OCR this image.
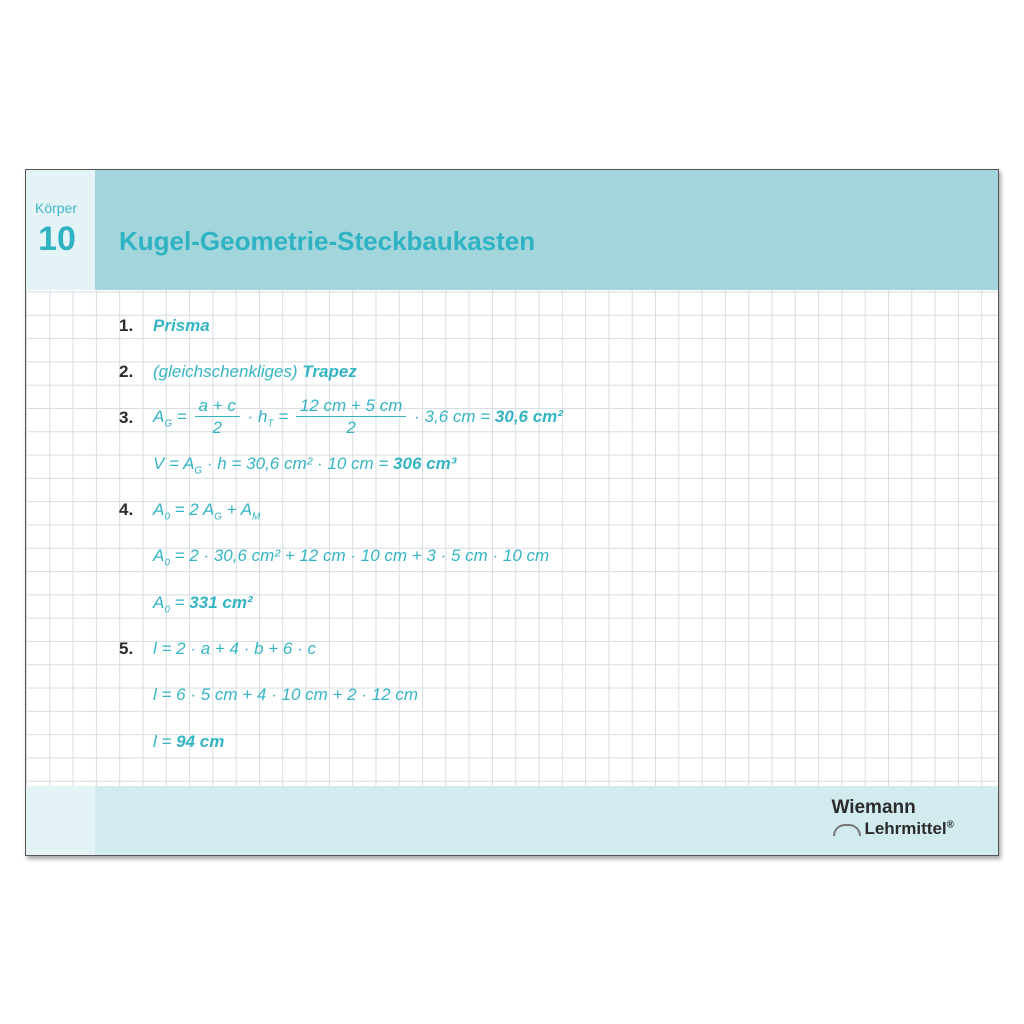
Körper
10	Kugel-Geometrie-Steckbaukasten
1. Prisma
2. (gleichschenkliges) Trapez
3. $A_G = \frac{a + c}{2} \cdot h_T = \frac{12 cm + 5 cm}{2} \cdot 3,6$ cm = 30,6 cm²
$V = A_G \cdot h = 30,6$ cm² · 10 cm = 306 cm³
4. $A_0 = 2$ $A_G + A_M$
$A_0 = 2 \cdot 30,6$ cm² + 12 cm · 10 cm + 3 · 5 cm · 10 cm
$A_0 = 331$ cm²
5. l = 2 · a + 4 · b + 6 · c
l = 6 · 5 cm + 4 · 10 cm + 2 · 12 cm
l = 94 cm
Wiemann
Lehrmittel®
